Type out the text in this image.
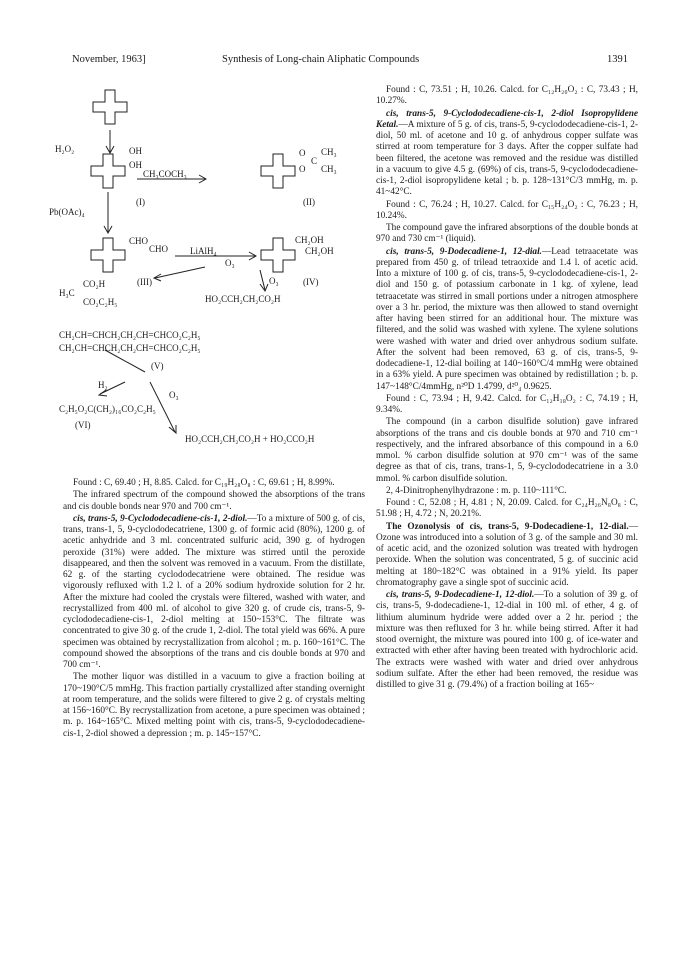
November, 1963]	Synthesis of Long-chain Aliphatic Compounds	1391
H₂O₂	OH
OH
CH₃COCH₃
(I)
O
O
C
CH₃
CH₃
(II)
Pb(OAc)₄
CHO
CHO LiAlH₄
(III)
CH₂OH
CH₂OH
(IV)
O₃
O₃
CO₂H
H₃C
CO₂C₂H₅	HO₂CCH₂CH₂CO₂H
CH₂CH=CHCH₂CH₂CH=CHCO₂C₂H₅
CH₂CH=CHCH₂CH₂CH=CHCO₂C₂H₅
(V)
H₂
O₃
C₂H₅O₂C(CH₂)₁₆CO₂C₂H₅
(VI)
HO₂CCH₂CH₂CO₂H + HO₂CCO₂H

Found : C, 69.40 ; H, 8.85. Calcd. for C₁₉H₂₈O₈ : C, 69.61 ; H, 8.99%.

The infrared spectrum of the compound showed the absorptions of the trans and cis double bonds near 970 and 700 cm⁻¹.

cis, trans-5, 9-Cyclododecadiene-cis-1, 2-diol.—To a mixture of 500 g. of cis, trans, trans-1, 5, 9-cyclododecatriene, 1300 g. of formic acid (80%), 1200 g. of acetic anhydride and 3 ml. concentrated sulfuric acid, 390 g. of hydrogen peroxide (31%) were added. The mixture was stirred until the peroxide disappeared, and then the solvent was removed in a vacuum. From the distillate, 62 g. of the starting cyclododecatriene were obtained. The residue was vigorously refluxed with 1.2 l. of a 20% sodium hydroxide solution for 2 hr. After the mixture had cooled the crystals were filtered, washed with water, and recrystallized from 400 ml. of alcohol to give 320 g. of crude cis, trans-5, 9-cyclododecadiene-cis-1, 2-diol melting at 150~153°C. The filtrate was concentrated to give 30 g. of the crude 1, 2-diol. The total yield was 66%. A pure specimen was obtained by recrystallization from alcohol ; m. p. 160~161°C. The compound showed the absorptions of the trans and cis double bonds at 970 and 700 cm⁻¹.

The mother liquor was distilled in a vacuum to give a fraction boiling at 170~190°C/5 mmHg. This fraction partially crystallized after standing overnight at room temperature, and the solids were filtered to give 2 g. of crystals melting at 156~160°C. By recrystallization from acetone, a pure specimen was obtained ; m. p. 164~165°C. Mixed melting point with cis, trans-5, 9-cyclododecadiene-cis-1, 2-diol showed a depression ; m. p. 145~157°C.

Found : C, 73.51 ; H, 10.26. Calcd. for C₁₂H₂₀O₂ : C, 73.43 ; H, 10.27%.

cis, trans-5, 9-Cyclododecadiene-cis-1, 2-diol Isopropylidene Ketal.—A mixture of 5 g. of cis, trans-5, 9-cyclododecadiene-cis-1, 2-diol, 50 ml. of acetone and 10 g. of anhydrous copper sulfate was stirred at room temperature for 3 days. After the copper sulfate had been filtered, the acetone was removed and the residue was distilled in a vacuum to give 4.5 g. (69%) of cis, trans-5, 9-cyclododecadiene-cis-1, 2-diol isopropylidene ketal ; b. p. 128~131°C/3 mmHg, m. p. 41~42°C.

Found : C, 76.24 ; H, 10.27. Calcd. for C₁₅H₂₄O₂ : C, 76.23 ; H, 10.24%.

The compound gave the infrared absorptions of the double bonds at 970 and 730 cm⁻¹ (liquid).

cis, trans-5, 9-Dodecadiene-1, 12-dial.—Lead tetraacetate was prepared from 450 g. of trilead tetraoxide and 1.4 l. of acetic acid. Into a mixture of 100 g. of cis, trans-5, 9-cyclododecadiene-cis-1, 2-diol and 150 g. of potassium carbonate in 1 kg. of xylene, lead tetraacetate was stirred in small portions under a nitrogen atmosphere over a 3 hr. period, the mixture was then allowed to stand overnight after having been stirred for an additional hour. The mixture was filtered, and the solid was washed with xylene. The xylene solutions were washed with water and dried over anhydrous sodium sulfate. After the solvent had been removed, 63 g. of cis, trans-5, 9-dodecadiene-1, 12-dial boiling at 140~160°C/4 mmHg were obtained in a 63% yield. A pure specimen was obtained by redistillation ; b. p. 147~148°C/4mmHg, n²⁰D 1.4799, d²⁰₄ 0.9625.

Found : C, 73.94 ; H, 9.42. Calcd. for C₁₂H₁₈O₂ : C, 74.19 ; H, 9.34%.

The compound (in a carbon disulfide solution) gave infrared absorptions of the trans and cis double bonds at 970 and 710 cm⁻¹ respectively, and the infrared absorbance of this compound in a 6.0 mmol. % carbon disulfide solution at 970 cm⁻¹ was of the same degree as that of cis, trans, trans-1, 5, 9-cyclododecatriene in a 3.0 mmol. % carbon disulfide solution.

2, 4-Dinitrophenylhydrazone : m. p. 110~111°C.

Found : C, 52.08 ; H, 4.81 ; N, 20.09. Calcd. for C₂₄H₂₆N₈O₈ : C, 51.98 ; H, 4.72 ; N, 20.21%.

The Ozonolysis of cis, trans-5, 9-Dodecadiene-1, 12-dial.—Ozone was introduced into a solution of 3 g. of the sample and 30 ml. of acetic acid, and the ozonized solution was treated with hydrogen peroxide. When the solution was concentrated, 5 g. of succinic acid melting at 180~182°C was obtained in a 91% yield. Its paper chromatography gave a single spot of succinic acid.

cis, trans-5, 9-Dodecadiene-1, 12-diol.—To a solution of 39 g. of cis, trans-5, 9-dodecadiene-1, 12-dial in 100 ml. of ether, 4 g. of lithium aluminum hydride were added over a 2 hr. period ; the mixture was then refluxed for 3 hr. while being stirred. After it had stood overnight, the mixture was poured into 100 g. of ice-water and extracted with ether after having been treated with hydrochloric acid. The extracts were washed with water and dried over anhydrous sodium sulfate. After the ether had been removed, the residue was distilled to give 31 g. (79.4%) of a fraction boiling at 165~
